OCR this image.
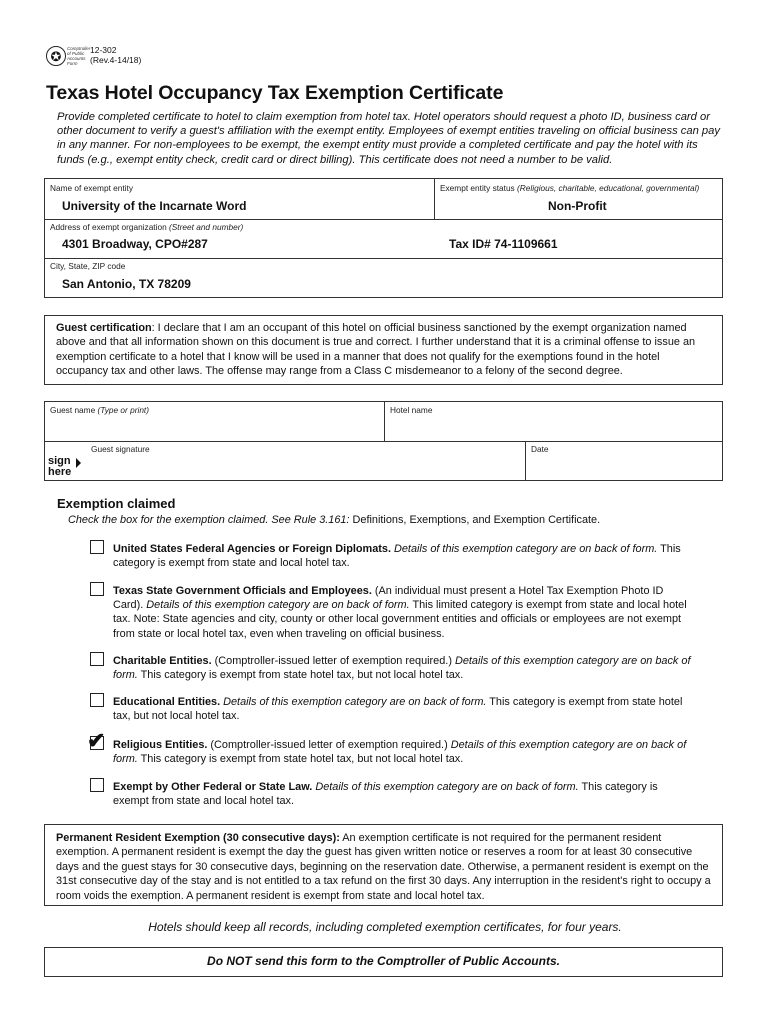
✪	Comptroller of Public Accounts Form
12-302
(Rev.4-14/18)
Texas Hotel Occupancy Tax Exemption Certificate
Provide completed certificate to hotel to claim exemption from hotel tax. Hotel operators should request a photo ID, business card or other document to verify a guest's affiliation with the exempt entity. Employees of exempt entities traveling on official business can pay in any manner. For non-employees to be exempt, the exempt entity must provide a completed certificate and pay the hotel with its funds (e.g., exempt entity check, credit card or direct billing). This certificate does not need a number to be valid.
Name of exempt entity
University of the Incarnate Word
Exempt entity status (Religious, charitable, educational, governmental)
Non-Profit
Address of exempt organization (Street and number)
4301 Broadway, CPO#287	Tax ID# 74-1109661
City, State, ZIP code
San Antonio, TX 78209
Guest certification: I declare that I am an occupant of this hotel on official business sanctioned by the exempt organization named above and that all information shown on this document is true and correct. I further understand that it is a criminal offense to issue an exemption certificate to a hotel that I know will be used in a manner that does not qualify for the exemptions found in the hotel occupancy tax and other laws. The offense may range from a Class C misdemeanor to a felony of the second degree.
Guest name (Type or print)	Hotel name
Guest signature	Date
sign
here
Exemption claimed
Check the box for the exemption claimed. See Rule 3.161: Definitions, Exemptions, and Exemption Certificate.
United States Federal Agencies or Foreign Diplomats. Details of this exemption category are on back of form. This category is exempt from state and local hotel tax.
Texas State Government Officials and Employees. (An individual must present a Hotel Tax Exemption Photo ID Card). Details of this exemption category are on back of form. This limited category is exempt from state and local hotel tax. Note: State agencies and city, county or other local government entities and officials or employees are not exempt from state or local hotel tax, even when traveling on official business.
Charitable Entities. (Comptroller-issued letter of exemption required.) Details of this exemption category are on back of form. This category is exempt from state hotel tax, but not local hotel tax.
Educational Entities. Details of this exemption category are on back of form. This category is exempt from state hotel tax, but not local hotel tax.
✔ Religious Entities. (Comptroller-issued letter of exemption required.) Details of this exemption category are on back of form. This category is exempt from state hotel tax, but not local hotel tax.
Exempt by Other Federal or State Law. Details of this exemption category are on back of form. This category is exempt from state and local hotel tax.
Permanent Resident Exemption (30 consecutive days): An exemption certificate is not required for the permanent resident exemption. A permanent resident is exempt the day the guest has given written notice or reserves a room for at least 30 consecutive days and the guest stays for 30 consecutive days, beginning on the reservation date. Otherwise, a permanent resident is exempt on the 31st consecutive day of the stay and is not entitled to a tax refund on the first 30 days. Any interruption in the resident's right to occupy a room voids the exemption. A permanent resident is exempt from state and local hotel tax.
Hotels should keep all records, including completed exemption certificates, for four years.
Do NOT send this form to the Comptroller of Public Accounts.
